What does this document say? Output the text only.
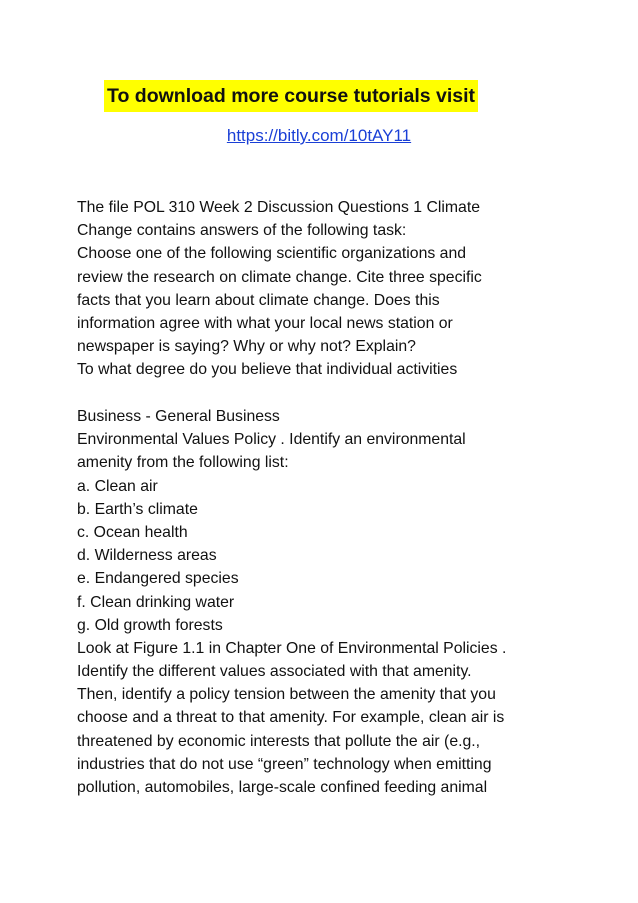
To download more course tutorials visit
https://bitly.com/10tAY11
The file POL 310 Week 2 Discussion Questions 1 Climate
Change contains answers of the following task:
Choose one of the following scientific organizations and
review the research on climate change. Cite three specific
facts that you learn about climate change. Does this
information agree with what your local news station or
newspaper is saying? Why or why not? Explain?
To what degree do you believe that individual activities
Business - General Business
Environmental Values Policy . Identify an environmental
amenity from the following list:
a. Clean air
b. Earth’s climate
c. Ocean health
d. Wilderness areas
e. Endangered species
f. Clean drinking water
g. Old growth forests
Look at Figure 1.1 in Chapter One of Environmental Policies .
Identify the different values associated with that amenity.
Then, identify a policy tension between the amenity that you
choose and a threat to that amenity. For example, clean air is
threatened by economic interests that pollute the air (e.g.,
industries that do not use “green” technology when emitting
pollution, automobiles, large-scale confined feeding animal
